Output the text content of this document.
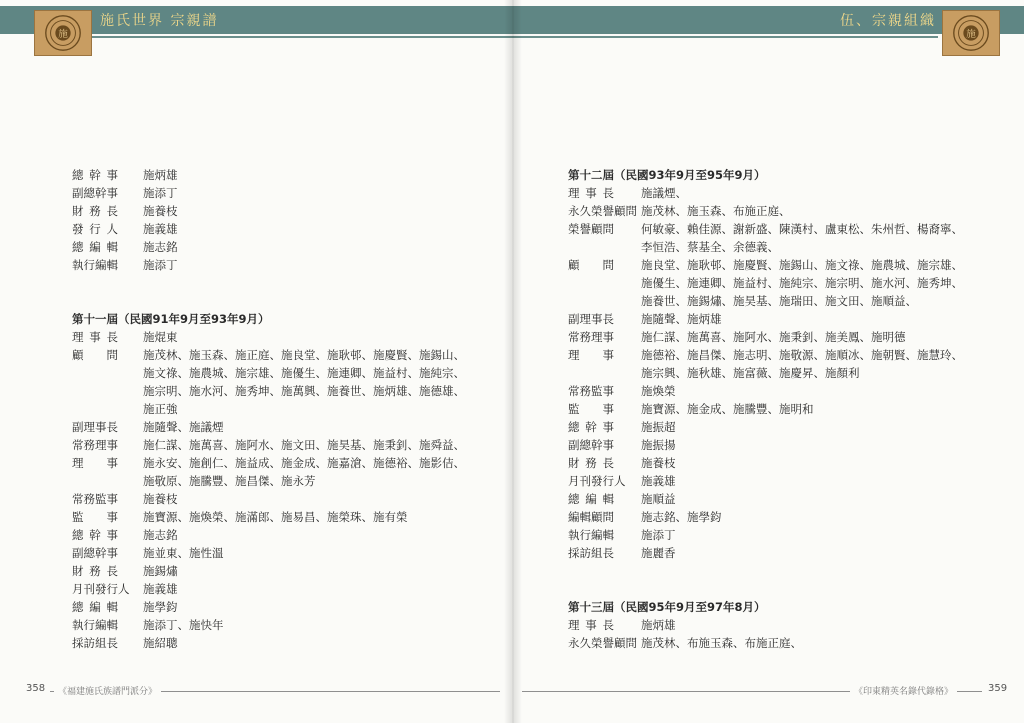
施
施氏世界 宗親譜
總幹事 施炳雄
副總幹事	施添丁
財務長 施養枝
發行人 施義雄
總編輯 施志銘
執行編輯	施添丁
第十一屆（民國91年9月至93年9月）
理事長 施焜東
顧問 施茂林、施玉森、施正庭、施良堂、施耿邨、施慶賢、施錫山、
施文祿、施農城、施宗雄、施優生、施連卿、施益村、施純宗、
施宗明、施水河、施秀坤、施萬興、施養世、施炳雄、施德雄、
施正強
副理事長	施隨聲、施議煙
常務理事	施仁謀、施萬喜、施阿水、施文田、施昊基、施秉釗、施舜益、
理事 施永安、施創仁、施益成、施金成、施嘉滄、施德裕、施影佶、
施敬原、施騰豐、施昌傑、施永芳
常務監事	施養枝
監事 施寶源、施煥榮、施滿郎、施易昌、施榮珠、施有榮
總幹事 施志銘
副總幹事	施並東、施性溫
財務長 施錫熽
月刊發行人	施義雄
總編輯 施學鈞
執行編輯	施添丁、施快年
採訪組長	施紹聰
358	《福建施氏族譜門派分》
施
伍、宗親組織
第十二屆（民國93年9月至95年9月）
理事長 施議煙、
永久榮譽顧問 施茂林、施玉森、布施正庭、
榮譽顧問	何敏豪、賴佳源、謝新盛、陳漢村、盧東松、朱州哲、楊裔寧、
李恒浩、蔡基全、余德義、
顧問 施良堂、施耿邨、施慶賢、施錫山、施文祿、施農城、施宗雄、
施優生、施連卿、施益村、施純宗、施宗明、施水河、施秀坤、
施養世、施錫熽、施昊基、施瑞田、施文田、施順益、
副理事長	施隨聲、施炳雄
常務理事	施仁謀、施萬喜、施阿水、施秉釗、施美鳳、施明德
理事 施德裕、施昌傑、施志明、施敬源、施順冰、施朝賢、施慧玲、
施宗興、施秋雄、施富薇、施慶昇、施顏利
常務監事	施煥榮
監事 施寶源、施金成、施騰豐、施明和
總幹事 施振超
副總幹事	施振揚
財務長 施養枝
月刊發行人	施義雄
總編輯 施順益
編輯顧問	施志銘、施學鈞
執行編輯	施添丁
採訪組長	施麗香
第十三屆（民國95年9月至97年8月）
理事長 施炳雄
永久榮譽顧問 施茂林、布施玉森、布施正庭、
359
《印東精英名錄代錄格》
